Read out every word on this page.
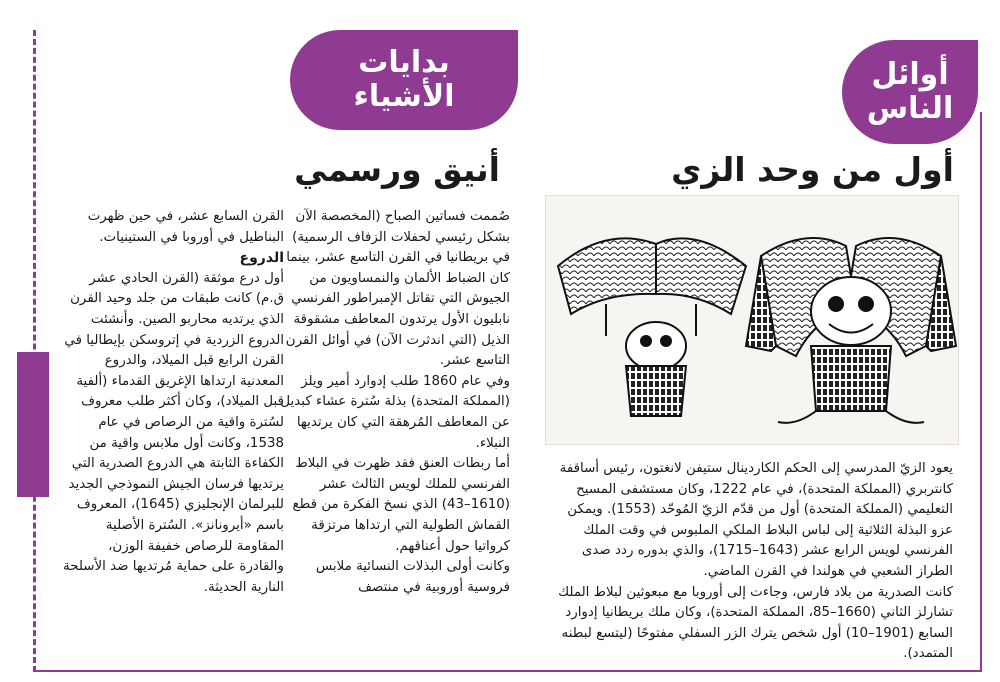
أوائل
الناس
بدايات
الأشياء
أول من وحد الزي
أنيق ورسمي

يعود الزيّ المدرسي إلى الحكم الكاردينال ستيفن لانغتون، رئيس أساقفة كانتربري (المملكة المتحدة)، في عام 1222، وكان مستشفى المسيح التعليمي (المملكة المتحدة) أول من قدّم الزيّ المُوحّد (1553). ويمكن عزو البذلة الثلاثية إلى لباس البلاط الملكي الملبوس في وقت الملك الفرنسي لويس الرابع عشر (1643–1715)، والذي بدوره ردد صدى الطراز الشعبي في هولندا في القرن الماضي.

كانت الصدرية من بلاد فارس، وجاءت إلى أوروبا مع مبعوثين لبلاط الملك تشارلز الثاني (1660–85، المملكة المتحدة)، وكان ملك بريطانيا إدوارد السابع (1901–10) أول شخص يترك الزر السفلي مفتوحًا (ليتسع لبطنه المتمدد).

صُممت فساتين الصباح (المخصصة الآن بشكل رئيسي لحفلات الزفاف الرسمية) في بريطانيا في القرن التاسع عشر، بينما كان الضباط الألمان والنمساويون من الجيوش التي تقاتل الإمبراطور الفرنسي نابليون الأول يرتدون المعاطف مشقوقة الذيل (التي اندثرت الآن) في أوائل القرن التاسع عشر.

وفي عام 1860 طلب إدوارد أمير ويلز (المملكة المتحدة) بذلة سُترة عشاء كبديل عن المعاطف المُرهقة التي كان يرتديها النبلاء.

أما ربطات العنق فقد ظهرت في البلاط الفرنسي للملك لويس الثالث عشر (1610–43) الذي نسخ الفكرة من قطع القماش الطولية التي ارتداها مرتزقة كرواتيا حول أعناقهم.

وكانت أولى البذلات النسائية ملابس فروسية أوروبية في منتصف

القرن السابع عشر، في حين ظهرت البناطيل في أوروبا في الستينيات.

الدروع

أول درع موثقة (القرن الحادي عشر ق.م) كانت طبقات من جلد وحيد القرن الذي يرتديه محاربو الصين. وأنشئت الدروع الزردية في إتروسكن بإيطاليا في القرن الرابع قبل الميلاد، والدروع المعدنية ارتداها الإغريق القدماء (ألفية قبل الميلاد)، وكان أكثر طلب معروف لسُترة واقية من الرصاص في عام 1538، وكانت أول ملابس واقية من الكفاءة الثابتة هي الدروع الصدرية التي يرتديها فرسان الجيش النموذجي الجديد للبرلمان الإنجليزي (1645)، المعروف باسم «أيرونانز». السُترة الأصلية المقاومة للرصاص خفيفة الوزن، والقادرة على حماية مُرتديها ضد الأسلحة النارية الحديثة.
